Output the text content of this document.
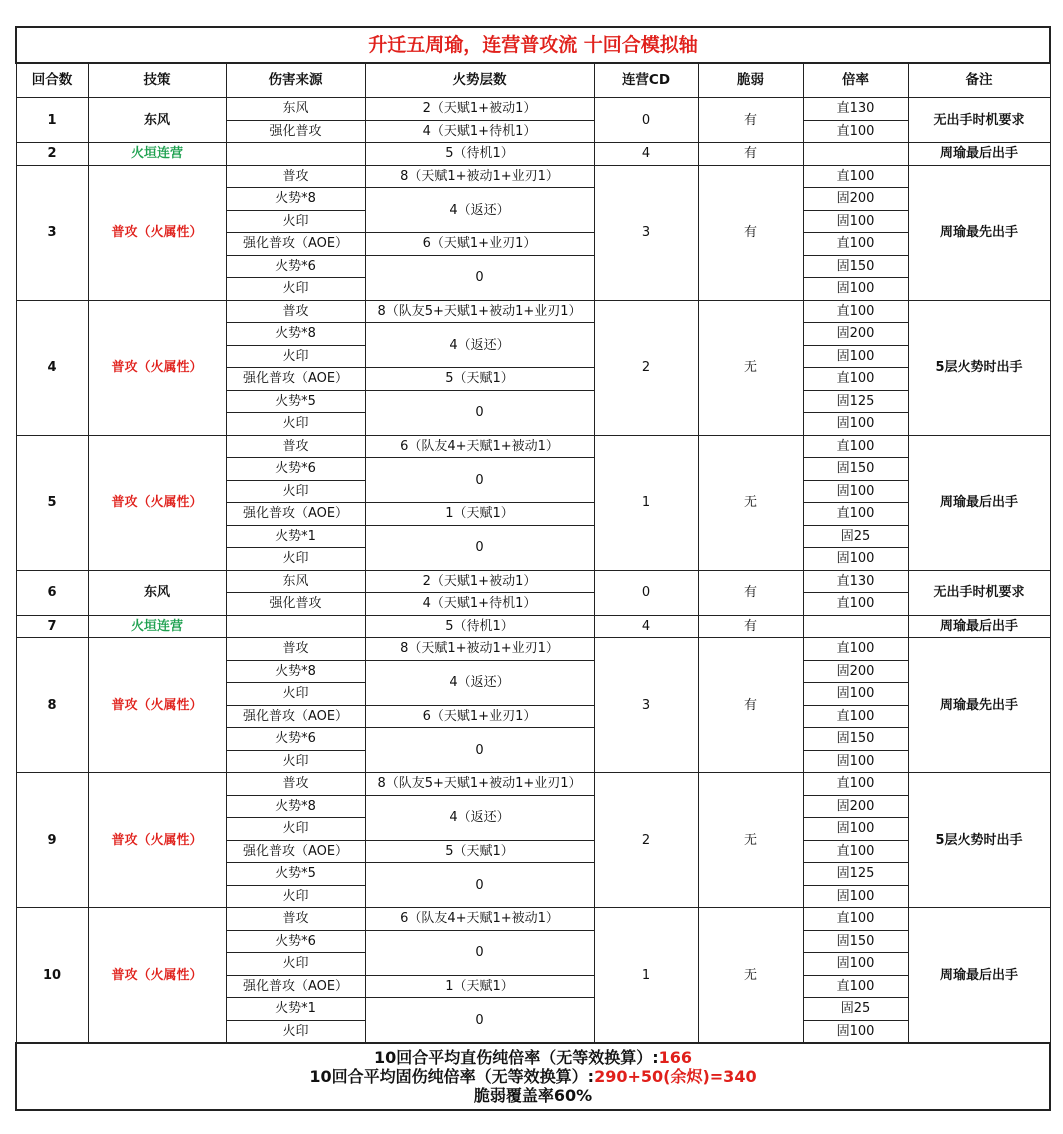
升迁五周瑜，连营普攻流 十回合模拟轴							
回合数	技策	伤害来源	火势层数	连营CD	脆弱	倍率	备注
1	东风	东风	2（天赋1+被动1）	0	有	直130	无出手时机要求
		强化普攻	4（天赋1+待机1）			直100	
2	火垣连营		5（待机1）	4	有		周瑜最后出手
3	普攻（火属性）	普攻	8（天赋1+被动1+业刃1）	3	有	直100	周瑜最先出手
		火势*8	4（返还）			固200	
		火印				固100	
		强化普攻（AOE）	6（天赋1+业刃1）			直100	
		火势*6	0			固150	
		火印				固100	
4	普攻（火属性）	普攻	8（队友5+天赋1+被动1+业刃1）	2	无	直100	5层火势时出手
		火势*8	4（返还）			固200	
		火印				固100	
		强化普攻（AOE）	5（天赋1）			直100	
		火势*5	0			固125	
		火印				固100	
5	普攻（火属性）	普攻	6（队友4+天赋1+被动1）	1	无	直100	周瑜最后出手
		火势*6	0			固150	
		火印				固100	
		强化普攻（AOE）	1（天赋1）			直100	
		火势*1	0			固25	
		火印				固100	
6	东风	东风	2（天赋1+被动1）	0	有	直130	无出手时机要求
		强化普攻	4（天赋1+待机1）			直100	
7	火垣连营		5（待机1）	4	有		周瑜最后出手
8	普攻（火属性）	普攻	8（天赋1+被动1+业刃1）	3	有	直100	周瑜最先出手
		火势*8	4（返还）			固200	
		火印				固100	
		强化普攻（AOE）	6（天赋1+业刃1）			直100	
		火势*6	0			固150	
		火印				固100	
9	普攻（火属性）	普攻	8（队友5+天赋1+被动1+业刃1）	2	无	直100	5层火势时出手
		火势*8	4（返还）			固200	
		火印				固100	
		强化普攻（AOE）	5（天赋1）			直100	
		火势*5	0			固125	
		火印				固100	
10	普攻（火属性）	普攻	6（队友4+天赋1+被动1）	1	无	直100	周瑜最后出手
		火势*6	0			固150	
		火印				固100	
		强化普攻（AOE）	1（天赋1）			直100	
		火势*1	0			固25	
		火印				固100	

10回合平均直伤纯倍率（无等效换算）:166
10回合平均固伤纯倍率（无等效换算）:290+50(余烬)=340
脆弱覆盖率60%							
